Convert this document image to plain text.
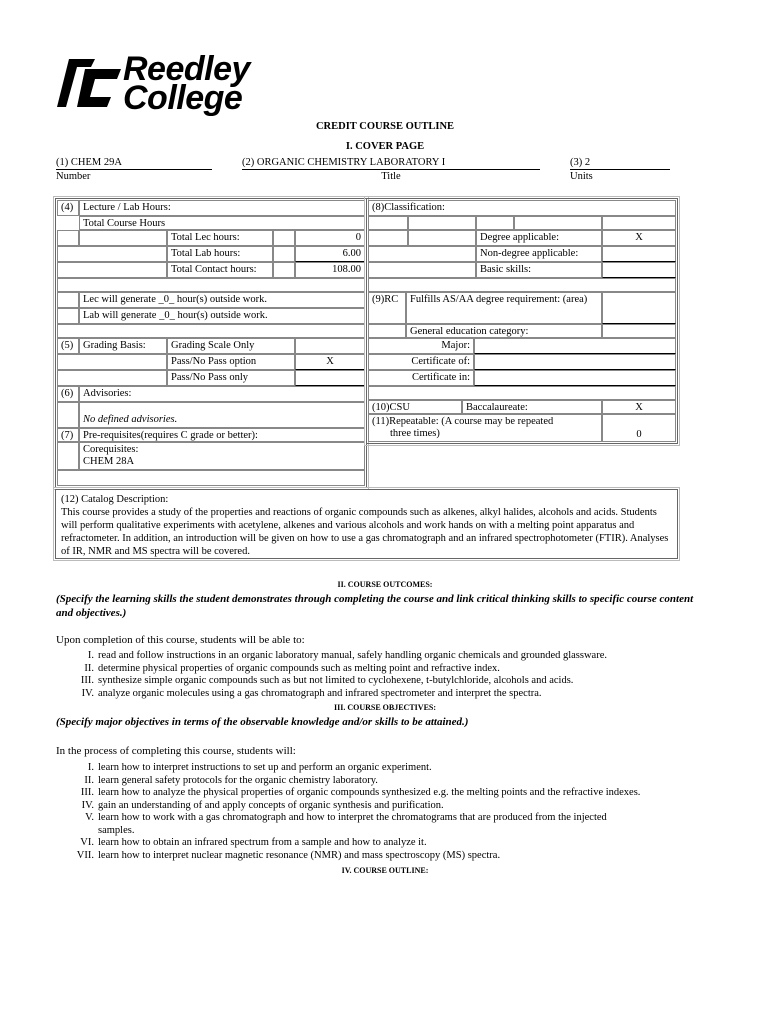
Reedley
College
CREDIT COURSE OUTLINE
I. COVER PAGE
(1) CHEM 29A
Number
(2) ORGANIC CHEMISTRY LABORATORY I
Title
(3) 2
Units
(4) Lecture / Lab Hours:
Total Course Hours
Total Lec hours:	0
Total Lab hours:	6.00
Total Contact hours:	108.00
Lec will generate _0_ hour(s) outside work.
Lab will generate _0_ hour(s) outside work.
(5) Grading Basis:	Grading Scale Only
Pass/No Pass option	X
Pass/No Pass only
(6) Advisories:
No defined advisories.
(7) Pre-requisites(requires C grade or better):
Corequisites:
CHEM 28A
(8)Classification:
Degree applicable:	X
Non-degree applicable:
Basic skills:
(9)RC	Fulfills AS/AA degree requirement: (area)
General education category:
Major:
Certificate of:
Certificate in:
(10)CSU	Baccalaureate:	X
(11)Repeatable: (A course may be repeated
three times)	0

(12) Catalog Description:

This course provides a study of the properties and reactions of organic compounds such as alkenes, alkyl halides, alcohols and acids. Students will perform qualitative experiments with acetylene, alkenes and various alcohols and work hands on with a melting point apparatus and refractometer. In addition, an introduction will be given on how to use a gas chromatograph and an infrared spectrophotometer (FTIR). Analyses of IR, NMR and MS spectra will be covered.

II. COURSE OUTCOMES:
(Specify the learning skills the student demonstrates through completing the course and link critical thinking skills to specific course content and objectives.)
Upon completion of this course, students will be able to:
I. read and follow instructions in an organic laboratory manual, safely handling organic chemicals and grounded glassware.
II. determine physical properties of organic compounds such as melting point and refractive index.
III. synthesize simple organic compounds such as but not limited to cyclohexene, t-butylchloride, alcohols and acids.
IV. analyze organic molecules using a gas chromatograph and infrared spectrometer and interpret the spectra.
III. COURSE OBJECTIVES:
(Specify major objectives in terms of the observable knowledge and/or skills to be attained.)
In the process of completing this course, students will:
I. learn how to interpret instructions to set up and perform an organic experiment.
II. learn general safety protocols for the organic chemistry laboratory.
III. learn how to analyze the physical properties of organic compounds synthesized e.g. the melting points and the refractive indexes.
IV. gain an understanding of and apply concepts of organic synthesis and purification.
V. learn how to work with a gas chromatograph and how to interpret the chromatograms that are produced from the injected
samples.
VI. learn how to obtain an infrared spectrum from a sample and how to analyze it.
VII. learn how to interpret nuclear magnetic resonance (NMR) and mass spectroscopy (MS) spectra.
IV. COURSE OUTLINE:
